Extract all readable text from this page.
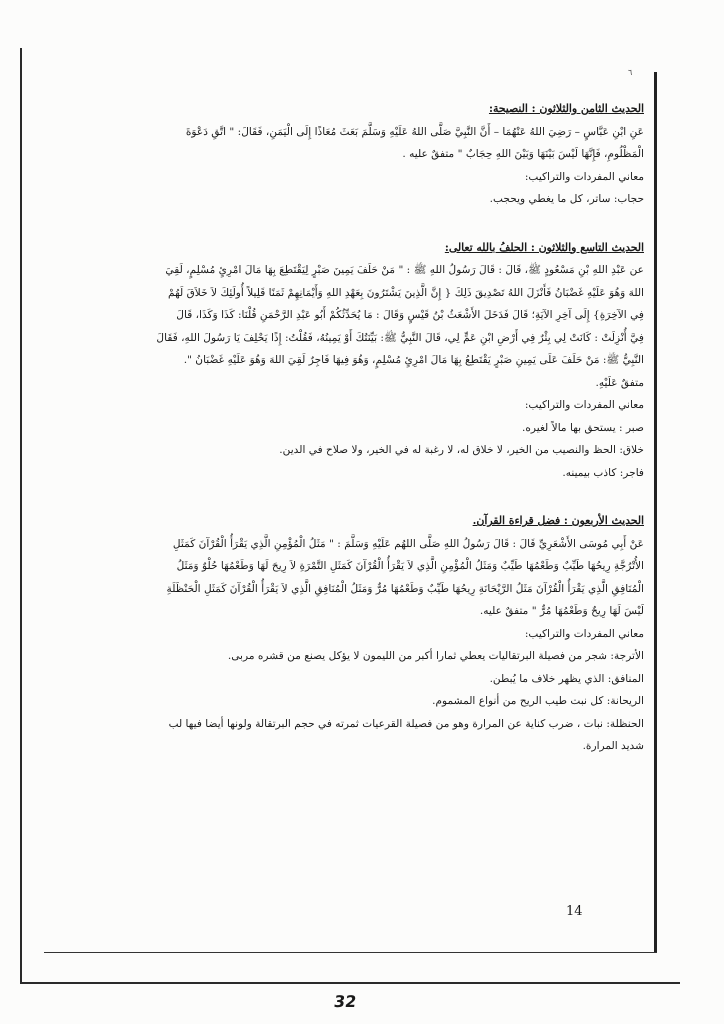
٦
الحديث الثامن والثلاثون : النصيحة:
عَنِ ابْنِ عَبَّاسٍ – رَضِيَ اللهُ عَنْهُمَا – أَنَّ النَّبِيَّ صَلَّى اللهُ عَلَيْهِ وَسَلَّمَ بَعَثَ مُعَاذًا إِلَى الْيَمَنِ، فَقَالَ: " اتَّقِ دَعْوَةَ
الْمَظْلُومِ، فَإِنَّهَا لَيْسَ بَيْنَهَا وَبَيْنَ اللهِ حِجَابٌ " متفقٌ عليه .
معاني المفردات والتراكيب:
حجاب: ساتر، كل ما يغطي ويحجب.
الحديث التاسع والثلاثون : الحلفُ بالله تعالى:
عن عَبْدِ اللهِ بْنِ مَسْعُودٍ ﷺ، قَالَ : قَالَ رَسُولُ اللهِ ﷺ : " مَنْ حَلَفَ يَمِينَ صَبْرٍ لِيَقْتَطِعَ بِهَا مَالَ امْرِئٍ مُسْلِمٍ، لَقِيَ
اللهَ وَهُوَ عَلَيْهِ غَضْبَانُ فَأَنْزَلَ اللهُ تَصْدِيقَ ذَلِكَ { إِنَّ الَّذِينَ يَشْتَرُونَ بِعَهْدِ اللهِ وَأَيْمَانِهِمْ ثَمَنًا قَلِيلاً أُولَئِكَ لاَ خَلاَقَ لَهُمْ
فِي الآخِرَةِ} إِلَى آخِرِ الآيَةِ؛ قَالَ فَدَخَلَ الأَشْعَثُ بْنُ قَيْسٍ وَقَالَ : مَا يُحَدِّثُكُمْ أَبُو عَبْدِ الرَّحْمَنِ قُلْنَا: كَذَا وَكَذَا، قَالَ
فِيَّ أُنْزِلَتْ : كَانَتْ لِي بِئْرٌ فِي أَرْضِ ابْنِ عَمٍّ لِي، قَالَ النَّبِيُّ ﷺ: بَيِّنَتُكَ أَوْ يَمِينُهُ، فَقُلْتُ: إِذًا يَحْلِفَ يَا رَسُولَ اللهِ، فَقَالَ
النَّبِيُّ ﷺ: مَنْ حَلَفَ عَلَى يَمِينِ صَبْرٍ يَقْتَطِعُ بِهَا مَالَ امْرِئٍ مُسْلِمٍ، وَهُوَ فِيهَا فَاجِرٌ لَقِيَ اللهَ وَهُوَ عَلَيْهِ غَضْبَانُ ".
متفقٌ عَلَيْهِ.
معاني المفردات والتراكيب:
صبر : يستحق بها مالاً لغيره.
خلاق: الحظ والنصيب من الخير، لا خلاق له، لا رغبة له في الخير، ولا صلاح في الدين.
فاجر: كاذب بيمينه.
الحديث الأربعون : فضل قراءة القرآن.
عَنْ أَبِي مُوسَى الأَشْعَرِيِّ قَالَ : قَالَ رَسُولُ اللهِ صَلَّى اللهُم عَلَيْهِ وَسَلَّمَ : " مَثَلُ الْمُؤْمِنِ الَّذِي يَقْرَأُ الْقُرْآنَ كَمَثَلِ
الأُتْرُجَّةِ رِيحُهَا طَيِّبٌ وَطَعْمُهَا طَيِّبٌ وَمَثَلُ الْمُؤْمِنِ الَّذِي لاَ يَقْرَأُ الْقُرْآنَ كَمَثَلِ التَّمْرَةِ لاَ رِيحَ لَهَا وَطَعْمُهَا حُلْوٌ وَمَثَلُ
الْمُنَافِقِ الَّذِي يَقْرَأُ الْقُرْآنَ مَثَلُ الرَّيْحَانَةِ رِيحُهَا طَيِّبٌ وَطَعْمُهَا مُرٌّ وَمَثَلُ الْمُنَافِقِ الَّذِي لاَ يَقْرَأُ الْقُرْآنَ كَمَثَلِ الْحَنْظَلَةِ
لَيْسَ لَهَا رِيحٌ وَطَعْمُهَا مُرٌّ " متفقٌ عليه.
معاني المفردات والتراكيب:
الأترجة: شجر من فصيلة البرتقاليات يعطي ثمارا أكبر من الليمون لا يؤكل يصنع من قشره مربى.
المنافق: الذي يظهر خلاف ما يُبطن.
الريحانة: كل نبت طيب الريح من أنواع المشموم.
الحنظلة: نبات ، ضرب كناية عن المرارة وهو من فصيلة القرعيات ثمرته في حجم البرتقالة ولونها أيضا فيها لب
شديد المرارة.
14
32
